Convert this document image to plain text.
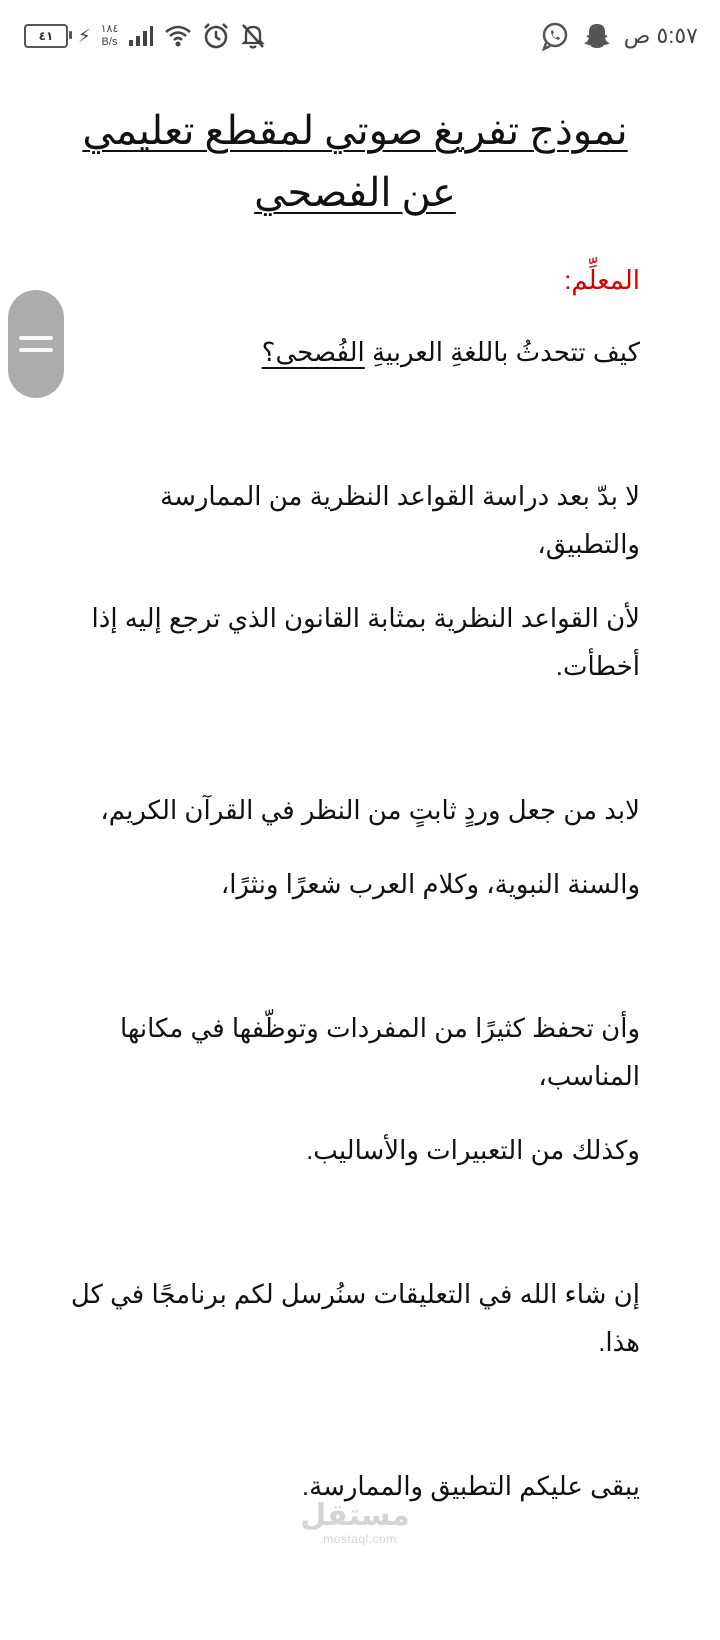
٤١ ⚡ ١٨٤
B/s	٥:٥٧ ص
نموذج تفريغ صوتي لمقطع تعليمي عن الفصحي
المعلِّم:

كيف تتحدثُ باللغةِ العربيةِ الفُصحى؟

لا بدّ بعد دراسة القواعد النظرية من الممارسة والتطبيق،

لأن القواعد النظرية بمثابة القانون الذي ترجع إليه إذا أخطأت.

لابد من جعل وردٍ ثابتٍ من النظر في القرآن الكريم،

والسنة النبوية، وكلام العرب شعرًا ونثرًا،

وأن تحفظ كثيرًا من المفردات وتوظّفها في مكانها المناسب،

وكذلك من التعبيرات والأساليب.

إن شاء الله في التعليقات سنُرسل لكم برنامجًا في كل هذا.

يبقى عليكم التطبيق والممارسة.

مستقل
mostaql.com
